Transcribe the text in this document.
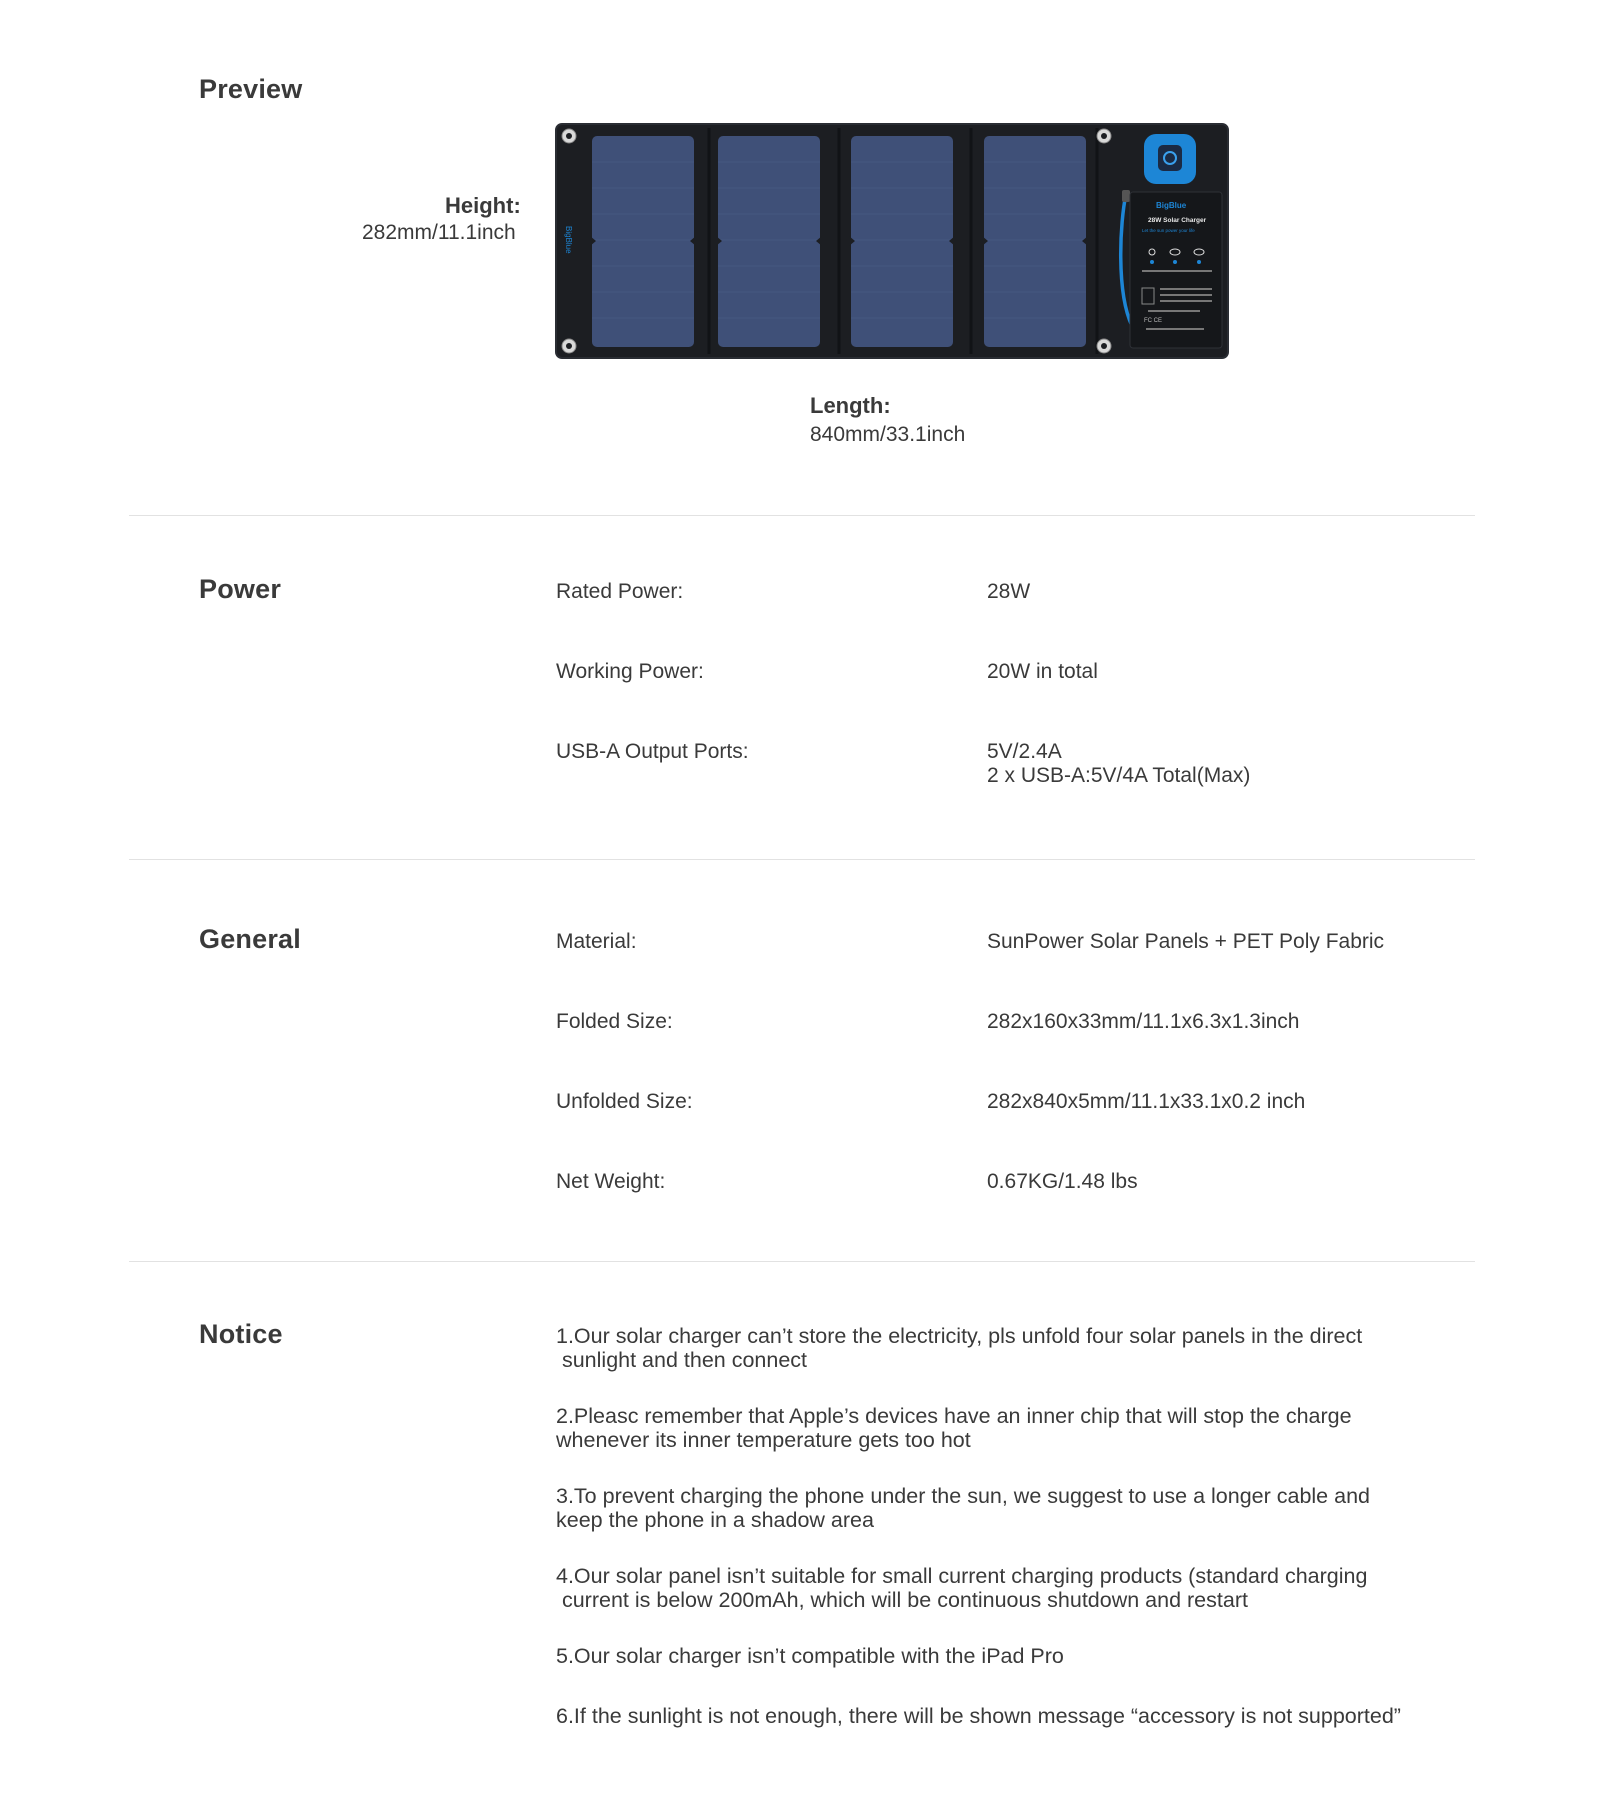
Preview
Height:
282mm/11.1inch	BigBlue
BigBlue
28W Solar Charger
Let the sun power your life
FC CE
Length:
840mm/33.1inch
Power	Rated Power:	28W
Working Power:	20W in total
USB-A Output Ports:	5V/2.4A
2 x USB-A:5V/4A Total(Max)
General	Material:	SunPower Solar Panels + PET Poly Fabric
Folded Size:	282x160x33mm/11.1x6.3x1.3inch
Unfolded Size:	282x840x5mm/11.1x33.1x0.2 inch
Net Weight:	0.67KG/1.48 lbs
Notice	1.Our solar charger can’t store the electricity, pls unfold four solar panels in the direct
sunlight and then connect
2.Pleasc remember that Apple’s devices have an inner chip that will stop the charge
whenever its inner temperature gets too hot
3.To prevent charging the phone under the sun, we suggest to use a longer cable and
keep the phone in a shadow area
4.Our solar panel isn’t suitable for small current charging products (standard charging
current is below 200mAh, which will be continuous shutdown and restart
5.Our solar charger isn’t compatible with the iPad Pro
6.If the sunlight is not enough, there will be shown message “accessory is not supported”
